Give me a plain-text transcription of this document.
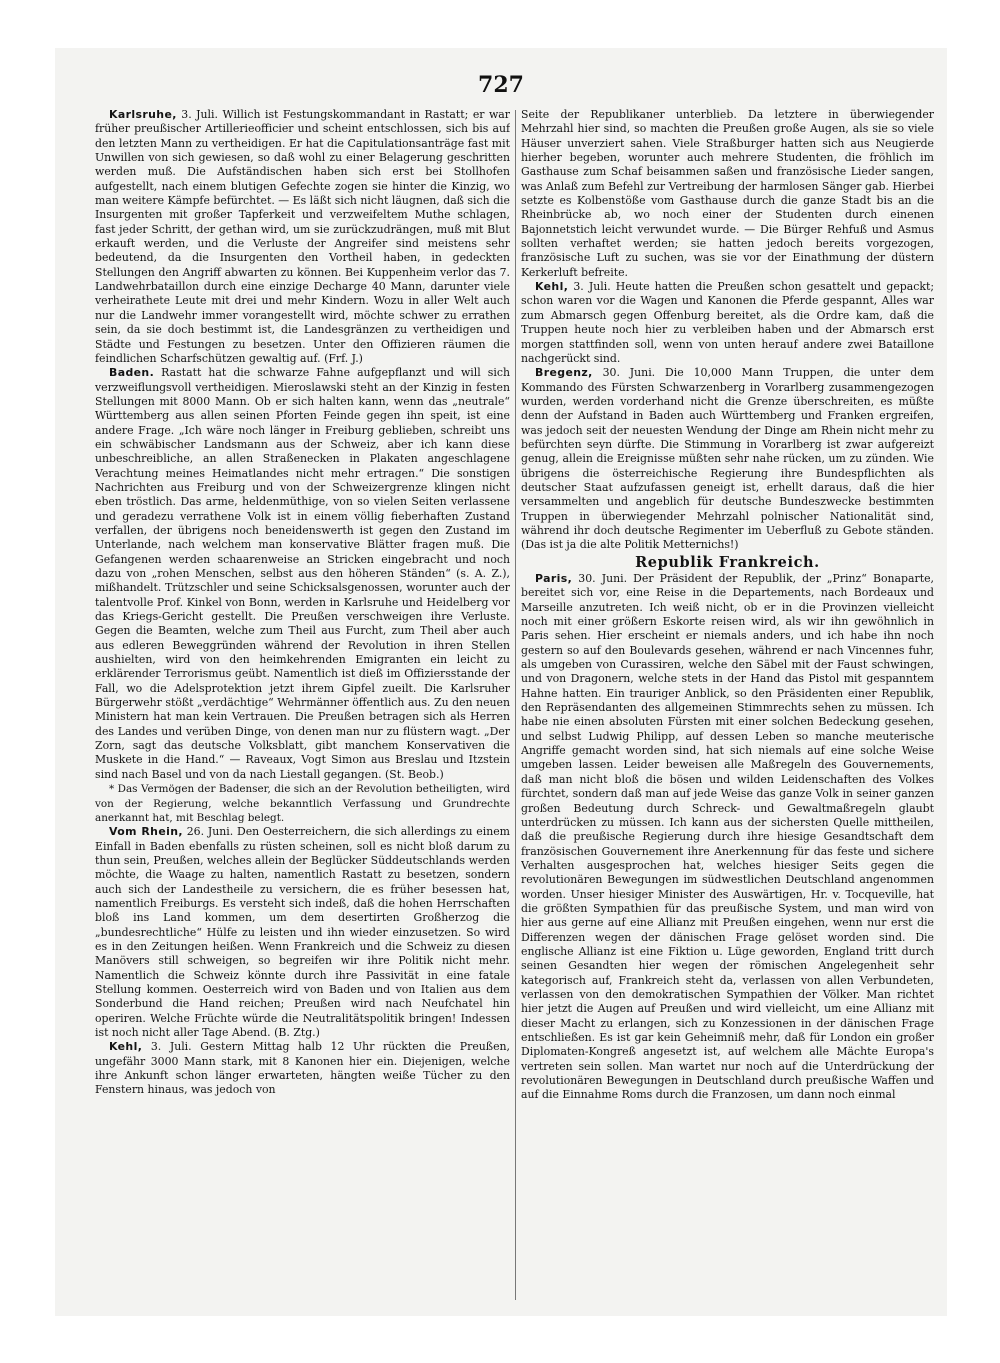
727

Karlsruhe, 3. Juli. Willich ist Festungskommandant in Rastatt; er war früher preußischer Artillerieofficier und scheint entschlossen, sich bis auf den letzten Mann zu vertheidigen. Er hat die Capitulationsanträge fast mit Unwillen von sich gewiesen, so daß wohl zu einer Belagerung geschritten werden muß. Die Aufständischen haben sich erst bei Stollhofen aufgestellt, nach einem blutigen Gefechte zogen sie hinter die Kinzig, wo man weitere Kämpfe befürchtet. — Es läßt sich nicht läugnen, daß sich die Insurgenten mit großer Tapferkeit und verzweifeltem Muthe schlagen, fast jeder Schritt, der gethan wird, um sie zurückzudrängen, muß mit Blut erkauft werden, und die Verluste der Angreifer sind meistens sehr bedeutend, da die Insurgenten den Vortheil haben, in gedeckten Stellungen den Angriff abwarten zu können. Bei Kuppenheim verlor das 7. Landwehrbataillon durch eine einzige Decharge 40 Mann, darunter viele verheirathete Leute mit drei und mehr Kindern. Wozu in aller Welt auch nur die Landwehr immer vorangestellt wird, möchte schwer zu errathen sein, da sie doch bestimmt ist, die Landesgränzen zu vertheidigen und Städte und Festungen zu besetzen. Unter den Offizieren räumen die feindlichen Scharfschützen gewaltig auf. (Frf. J.)

Baden. Rastatt hat die schwarze Fahne aufgepflanzt und will sich verzweiflungsvoll vertheidigen. Mieroslawski steht an der Kinzig in festen Stellungen mit 8000 Mann. Ob er sich halten kann, wenn das „neutrale“ Württemberg aus allen seinen Pforten Feinde gegen ihn speit, ist eine andere Frage. „Ich wäre noch länger in Freiburg geblieben, schreibt uns ein schwäbischer Landsmann aus der Schweiz, aber ich kann diese unbeschreibliche, an allen Straßenecken in Plakaten angeschlagene Verachtung meines Heimatlandes nicht mehr ertragen.“ Die sonstigen Nachrichten aus Freiburg und von der Schweizergrenze klingen nicht eben tröstlich. Das arme, heldenmüthige, von so vielen Seiten verlassene und geradezu verrathene Volk ist in einem völlig fieberhaften Zustand verfallen, der übrigens noch beneidenswerth ist gegen den Zustand im Unterlande, nach welchem man konservative Blätter fragen muß. Die Gefangenen werden schaarenweise an Stricken eingebracht und noch dazu von „rohen Menschen, selbst aus den höheren Ständen“ (s. A. Z.), mißhandelt. Trützschler und seine Schicksalsgenossen, worunter auch der talentvolle Prof. Kinkel von Bonn, werden in Karlsruhe und Heidelberg vor das Kriegs-Gericht gestellt. Die Preußen verschweigen ihre Verluste. Gegen die Beamten, welche zum Theil aus Furcht, zum Theil aber auch aus edleren Beweggründen während der Revolution in ihren Stellen aushielten, wird von den heimkehrenden Emigranten ein leicht zu erklärender Terrorismus geübt. Namentlich ist dieß im Offiziersstande der Fall, wo die Adelsprotektion jetzt ihrem Gipfel zueilt. Die Karlsruher Bürgerwehr stößt „verdächtige“ Wehrmänner öffentlich aus. Zu den neuen Ministern hat man kein Vertrauen. Die Preußen betragen sich als Herren des Landes und verüben Dinge, von denen man nur zu flüstern wagt. „Der Zorn, sagt das deutsche Volksblatt, gibt manchem Konservativen die Muskete in die Hand.“ — Raveaux, Vogt Simon aus Breslau und Itzstein sind nach Basel und von da nach Liestall gegangen. (St. Beob.)

* Das Vermögen der Badenser, die sich an der Revolution betheiligten, wird von der Regierung, welche bekanntlich Verfassung und Grundrechte anerkannt hat, mit Beschlag belegt.

Vom Rhein, 26. Juni. Den Oesterreichern, die sich allerdings zu einem Einfall in Baden ebenfalls zu rüsten scheinen, soll es nicht bloß darum zu thun sein, Preußen, welches allein der Beglücker Süddeutschlands werden möchte, die Waage zu halten, namentlich Rastatt zu besetzen, sondern auch sich der Landestheile zu versichern, die es früher besessen hat, namentlich Freiburgs. Es versteht sich indeß, daß die hohen Herrschaften bloß ins Land kommen, um dem desertirten Großherzog die „bundesrechtliche“ Hülfe zu leisten und ihn wieder einzusetzen. So wird es in den Zeitungen heißen. Wenn Frankreich und die Schweiz zu diesen Manövers still schweigen, so begreifen wir ihre Politik nicht mehr. Namentlich die Schweiz könnte durch ihre Passivität in eine fatale Stellung kommen. Oesterreich wird von Baden und von Italien aus dem Sonderbund die Hand reichen; Preußen wird nach Neufchatel hin operiren. Welche Früchte würde die Neutralitätspolitik bringen! Indessen ist noch nicht aller Tage Abend. (B. Ztg.)

Kehl, 3. Juli. Gestern Mittag halb 12 Uhr rückten die Preußen, ungefähr 3000 Mann stark, mit 8 Kanonen hier ein. Diejenigen, welche ihre Ankunft schon länger erwarteten, hängten weiße Tücher zu den Fenstern hinaus, was jedoch von

Seite der Republikaner unterblieb. Da letztere in überwiegender Mehrzahl hier sind, so machten die Preußen große Augen, als sie so viele Häuser unverziert sahen. Viele Straßburger hatten sich aus Neugierde hierher begeben, worunter auch mehrere Studenten, die fröhlich im Gasthause zum Schaf beisammen saßen und französische Lieder sangen, was Anlaß zum Befehl zur Vertreibung der harmlosen Sänger gab. Hierbei setzte es Kolbenstöße vom Gasthause durch die ganze Stadt bis an die Rheinbrücke ab, wo noch einer der Studenten durch einenen Bajonnetstich leicht verwundet wurde. — Die Bürger Rehfuß und Asmus sollten verhaftet werden; sie hatten jedoch bereits vorgezogen, französische Luft zu suchen, was sie vor der Einathmung der düstern Kerkerluft befreite.

Kehl, 3. Juli. Heute hatten die Preußen schon gesattelt und gepackt; schon waren vor die Wagen und Kanonen die Pferde gespannt, Alles war zum Abmarsch gegen Offenburg bereitet, als die Ordre kam, daß die Truppen heute noch hier zu verbleiben haben und der Abmarsch erst morgen stattfinden soll, wenn von unten herauf andere zwei Bataillone nachgerückt sind.

Bregenz, 30. Juni. Die 10,000 Mann Truppen, die unter dem Kommando des Fürsten Schwarzenberg in Vorarlberg zusammengezogen wurden, werden vorderhand nicht die Grenze überschreiten, es müßte denn der Aufstand in Baden auch Württemberg und Franken ergreifen, was jedoch seit der neuesten Wendung der Dinge am Rhein nicht mehr zu befürchten seyn dürfte. Die Stimmung in Vorarlberg ist zwar aufgereizt genug, allein die Ereignisse müßten sehr nahe rücken, um zu zünden. Wie übrigens die österreichische Regierung ihre Bundespflichten als deutscher Staat aufzufassen geneigt ist, erhellt daraus, daß die hier versammelten und angeblich für deutsche Bundeszwecke bestimmten Truppen in überwiegender Mehrzahl polnischer Nationalität sind, während ihr doch deutsche Regimenter im Ueberfluß zu Gebote ständen. (Das ist ja die alte Politik Metternichs!)

Republik Frankreich.

Paris, 30. Juni. Der Präsident der Republik, der „Prinz“ Bonaparte, bereitet sich vor, eine Reise in die Departements, nach Bordeaux und Marseille anzutreten. Ich weiß nicht, ob er in die Provinzen vielleicht noch mit einer größern Eskorte reisen wird, als wir ihn gewöhnlich in Paris sehen. Hier erscheint er niemals anders, und ich habe ihn noch gestern so auf den Boulevards gesehen, während er nach Vincennes fuhr, als umgeben von Curassiren, welche den Säbel mit der Faust schwingen, und von Dragonern, welche stets in der Hand das Pistol mit gespanntem Hahne hatten. Ein trauriger Anblick, so den Präsidenten einer Republik, den Repräsendanten des allgemeinen Stimmrechts sehen zu müssen. Ich habe nie einen absoluten Fürsten mit einer solchen Bedeckung gesehen, und selbst Ludwig Philipp, auf dessen Leben so manche meuterische Angriffe gemacht worden sind, hat sich niemals auf eine solche Weise umgeben lassen. Leider beweisen alle Maßregeln des Gouvernements, daß man nicht bloß die bösen und wilden Leidenschaften des Volkes fürchtet, sondern daß man auf jede Weise das ganze Volk in seiner ganzen großen Bedeutung durch Schreck- und Gewaltmaßregeln glaubt unterdrücken zu müssen. Ich kann aus der sichersten Quelle mittheilen, daß die preußische Regierung durch ihre hiesige Gesandtschaft dem französischen Gouvernement ihre Anerkennung für das feste und sichere Verhalten ausgesprochen hat, welches hiesiger Seits gegen die revolutionären Bewegungen im südwestlichen Deutschland angenommen worden. Unser hiesiger Minister des Auswärtigen, Hr. v. Tocqueville, hat die größten Sympathien für das preußische System, und man wird von hier aus gerne auf eine Allianz mit Preußen eingehen, wenn nur erst die Differenzen wegen der dänischen Frage gelöset worden sind. Die englische Allianz ist eine Fiktion u. Lüge geworden, England tritt durch seinen Gesandten hier wegen der römischen Angelegenheit sehr kategorisch auf, Frankreich steht da, verlassen von allen Verbundeten, verlassen von den demokratischen Sympathien der Völker. Man richtet hier jetzt die Augen auf Preußen und wird vielleicht, um eine Allianz mit dieser Macht zu erlangen, sich zu Konzessionen in der dänischen Frage entschließen. Es ist gar kein Geheimniß mehr, daß für London ein großer Diplomaten-Kongreß angesetzt ist, auf welchem alle Mächte Europa's vertreten sein sollen. Man wartet nur noch auf die Unterdrückung der revolutionären Bewegungen in Deutschland durch preußische Waffen und auf die Einnahme Roms durch die Franzosen, um dann noch einmal
